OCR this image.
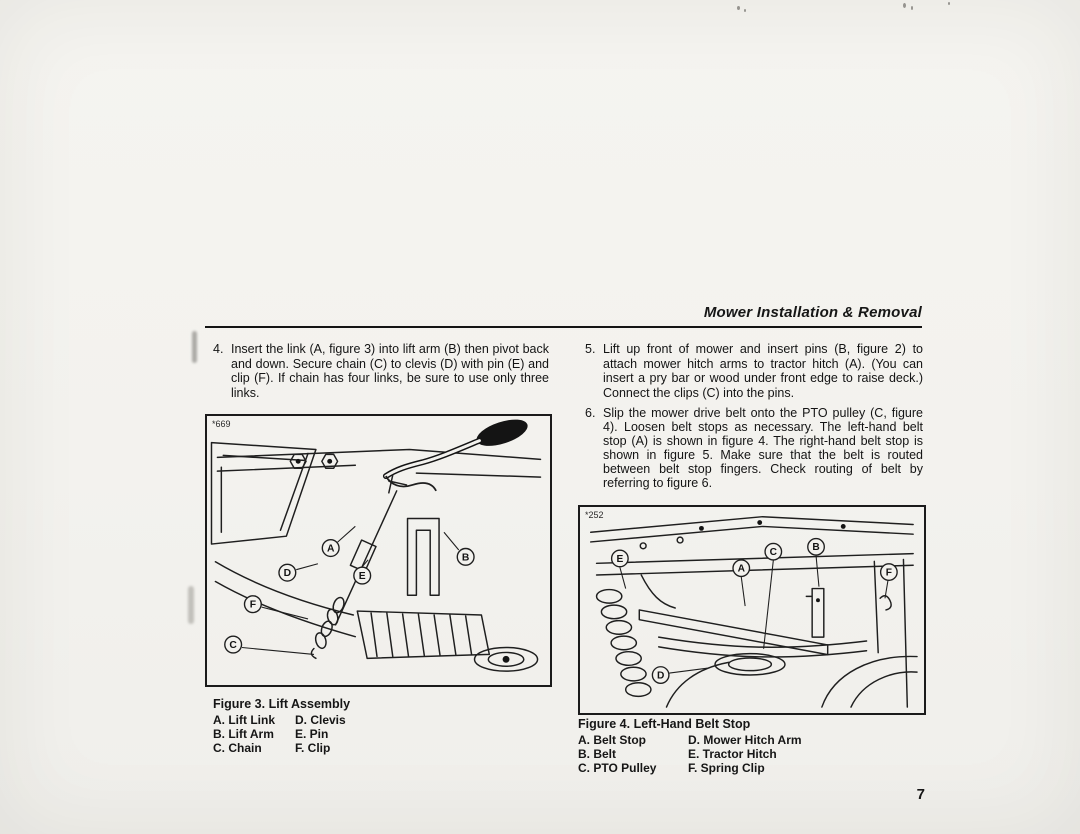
Mower Installation & Removal
4. Insert the link (A, figure 3) into lift arm (B) then pivot back and down. Secure chain (C) to clevis (D) with pin (E) and clip (F). If chain has four links, be sure to use only three links.
5. Lift up front of mower and insert pins (B, figure 2) to attach mower hitch arms to tractor hitch (A). (You can insert a pry bar or wood under front edge to raise deck.) Connect the clips (C) into the pins.
6. Slip the mower drive belt onto the PTO pulley (C, figure 4). Loosen belt stops as necessary. The left-hand belt stop (A) is shown in figure 4. The right-hand belt stop is shown in figure 5. Make sure that the belt is routed between belt stop fingers. Check routing of belt by referring to figure 6.
*669
A
B
D	E
F
C
Figure 3. Lift Assembly
A. Lift Link	D. Clevis
B. Lift Arm	E. Pin
C. Chain	F. Clip
*252
E
A
C	B
F
D
Figure 4. Left-Hand Belt Stop
A. Belt Stop	D. Mower Hitch Arm
B. Belt	E. Tractor Hitch
C. PTO Pulley	F. Spring Clip
7
